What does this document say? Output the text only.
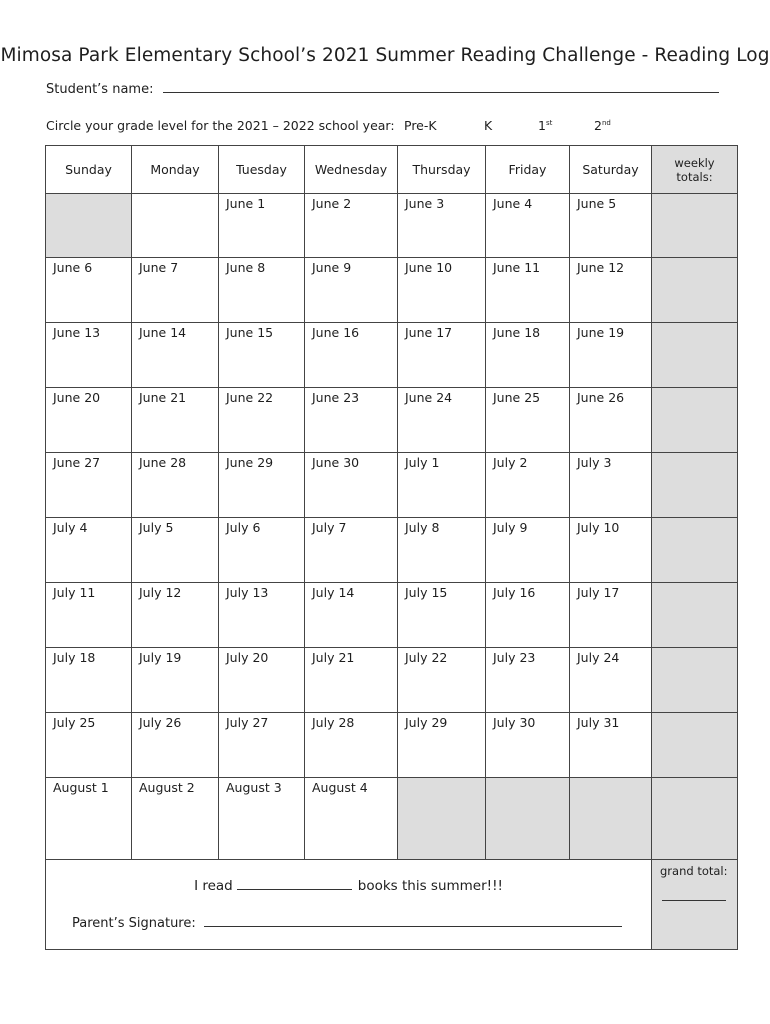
Mimosa Park Elementary School’s 2021 Summer Reading Challenge - Reading Log
Student’s name:
Circle your grade level for the 2021 – 2022 school year: Pre-K	K	1st	2nd
Sunday	Monday	Tuesday	Wednesday	Thursday	Friday	Saturday	weekly
totals:
		June 1	June 2	June 3	June 4	June 5	
June 6	June 7	June 8	June 9	June 10	June 11	June 12	
June 13	June 14	June 15	June 16	June 17	June 18	June 19	
June 20	June 21	June 22	June 23	June 24	June 25	June 26	
June 27	June 28	June 29	June 30	July 1	July 2	July 3	
July 4	July 5	July 6	July 7	July 8	July 9	July 10	
July 11	July 12	July 13	July 14	July 15	July 16	July 17	
July 18	July 19	July 20	July 21	July 22	July 23	July 24	
July 25	July 26	July 27	July 28	July 29	July 30	July 31	
August 1	August 2	August 3	August 4				

I read books this summer!!!
Parent’s Signature:							grand total:
